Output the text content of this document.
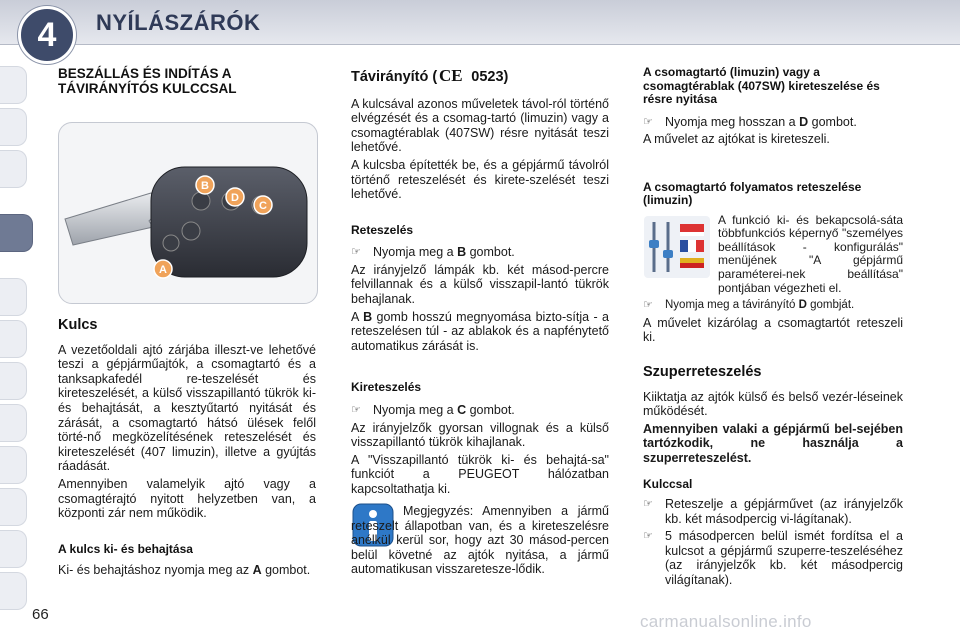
4	NYÍLÁSZÁRÓK
BESZÁLLÁS ÉS INDÍTÁS A TÁVIRÁNYÍTÓS KULCCSAL
A
B
C
D
Kulcs

A vezetőoldali ajtó zárjába illeszt-ve lehetővé teszi a gépjárműajtók, a csomagtartó és a tanksapkafedél re-teszelését és kireteszelését, a külső visszapillantó tükrök ki- és behajtását, a kesztyűtartó nyitását és zárását, a csomagtartó hátsó ülések felől törté-nő megközelítésének reteszelését és kireteszelését (407 limuzin), illetve a gyújtás ráadását.

Amennyiben valamelyik ajtó vagy a csomagtérajtó nyitott helyzetben van, a központi zár nem működik.

A kulcs ki- és behajtása

Ki- és behajtáshoz nyomja meg az A gombot.

Távirányító ( CE 0523)

A kulcsával azonos műveletek távol-ról történő elvégzését és a csomag-tartó (limuzin) vagy a csomagtérablak (407SW) résre nyitását teszi lehetővé.

A kulcsba építették be, és a gépjármű távolról történő reteszelését és kirete-szelését teszi lehetővé.

Reteszelés
☞ Nyomja meg a B gombot.

Az irányjelző lámpák kb. két másod-percre felvillannak és a külső visszapil-lantó tükrök behajlanak.

A B gomb hosszú megnyomása bizto-sítja - a reteszelésen túl - az ablakok és a napfénytető automatikus zárását is.

Kireteszelés
☞ Nyomja meg a C gombot.

Az irányjelzők gyorsan villognak és a külső visszapillantó tükrök kihajlanak.

A "Visszapillantó tükrök ki- és behajtá-sa" funkciót a PEUGEOT hálózatban kapcsoltathatja ki.

Megjegyzés: Amennyiben a jármű reteszelt állapotban van, és a kireteszelésre anélkül kerül sor, hogy azt 30 másod-percen belül követné az ajtók nyitása, a jármű automatikusan visszaretesze-lődik.

A csomagtartó (limuzin) vagy a csomagtérablak (407SW) kireteszelése és résre nyitása
☞ Nyomja meg hosszan a D gombot.

A művelet az ajtókat is kireteszeli.

A csomagtartó folyamatos reteszelése (limuzin)

A funkció ki- és bekapcsolá-sáta többfunkciós képernyő "személyes beállítások - konfigurálás" menüjének "A gépjármű paraméterei-nek beállítása" pontjában végezheti el.

☞	Nyomja meg a távirányító D gombját.

A művelet kizárólag a csomagtartót reteszeli ki.

Szuperreteszelés

Kiiktatja az ajtók külső és belső vezér-léseinek működését.

Amennyiben valaki a gépjármű bel-sejében tartózkodik, ne használja a szuperreteszelést.

Kulccsal
☞ Reteszelje a gépjárművet (az irányjelzők kb. két másodpercig vi-lágítanak).
☞ 5 másodpercen belül ismét fordítsa el a kulcsot a gépjármű szuperre-teszeléséhez (az irányjelzők kb. két másodpercig világítanak).
66	carmanualsonline.info
